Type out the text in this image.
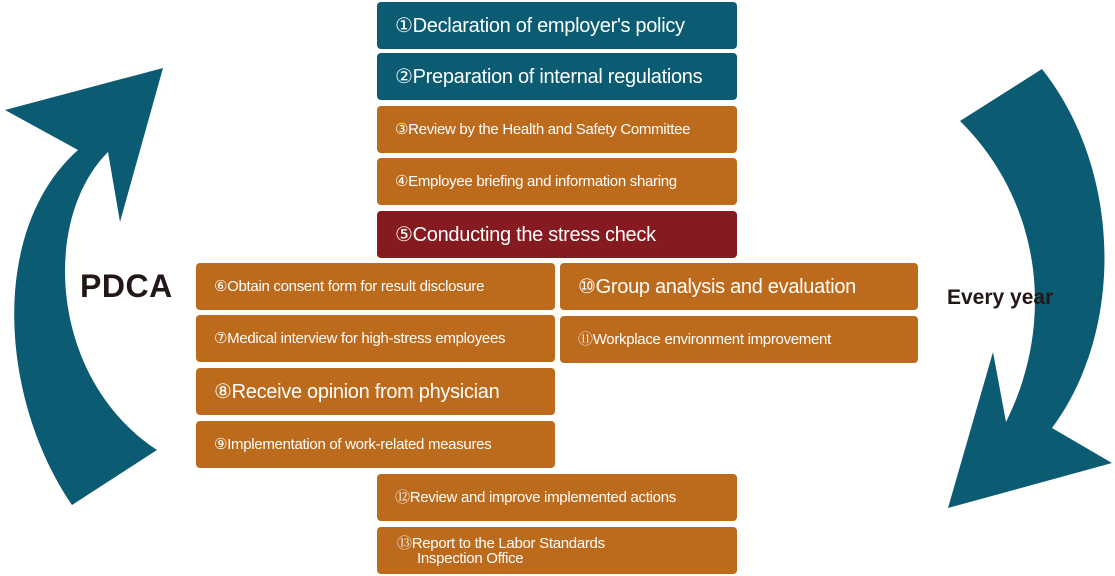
PDCA	Every year
①Declaration of employer's policy
②Preparation of internal regulations
③Review by the Health and Safety Committee
④Employee briefing and information sharing
⑤Conducting the stress check
⑥Obtain consent form for result disclosure
⑦Medical interview for high-stress employees
⑧Receive opinion from physician
⑨Implementation of work-related measures
⑩Group analysis and evaluation
⑪Workplace environment improvement
⑫Review and improve implemented actions
⑬Report to the Labor Standards
Inspection Office
